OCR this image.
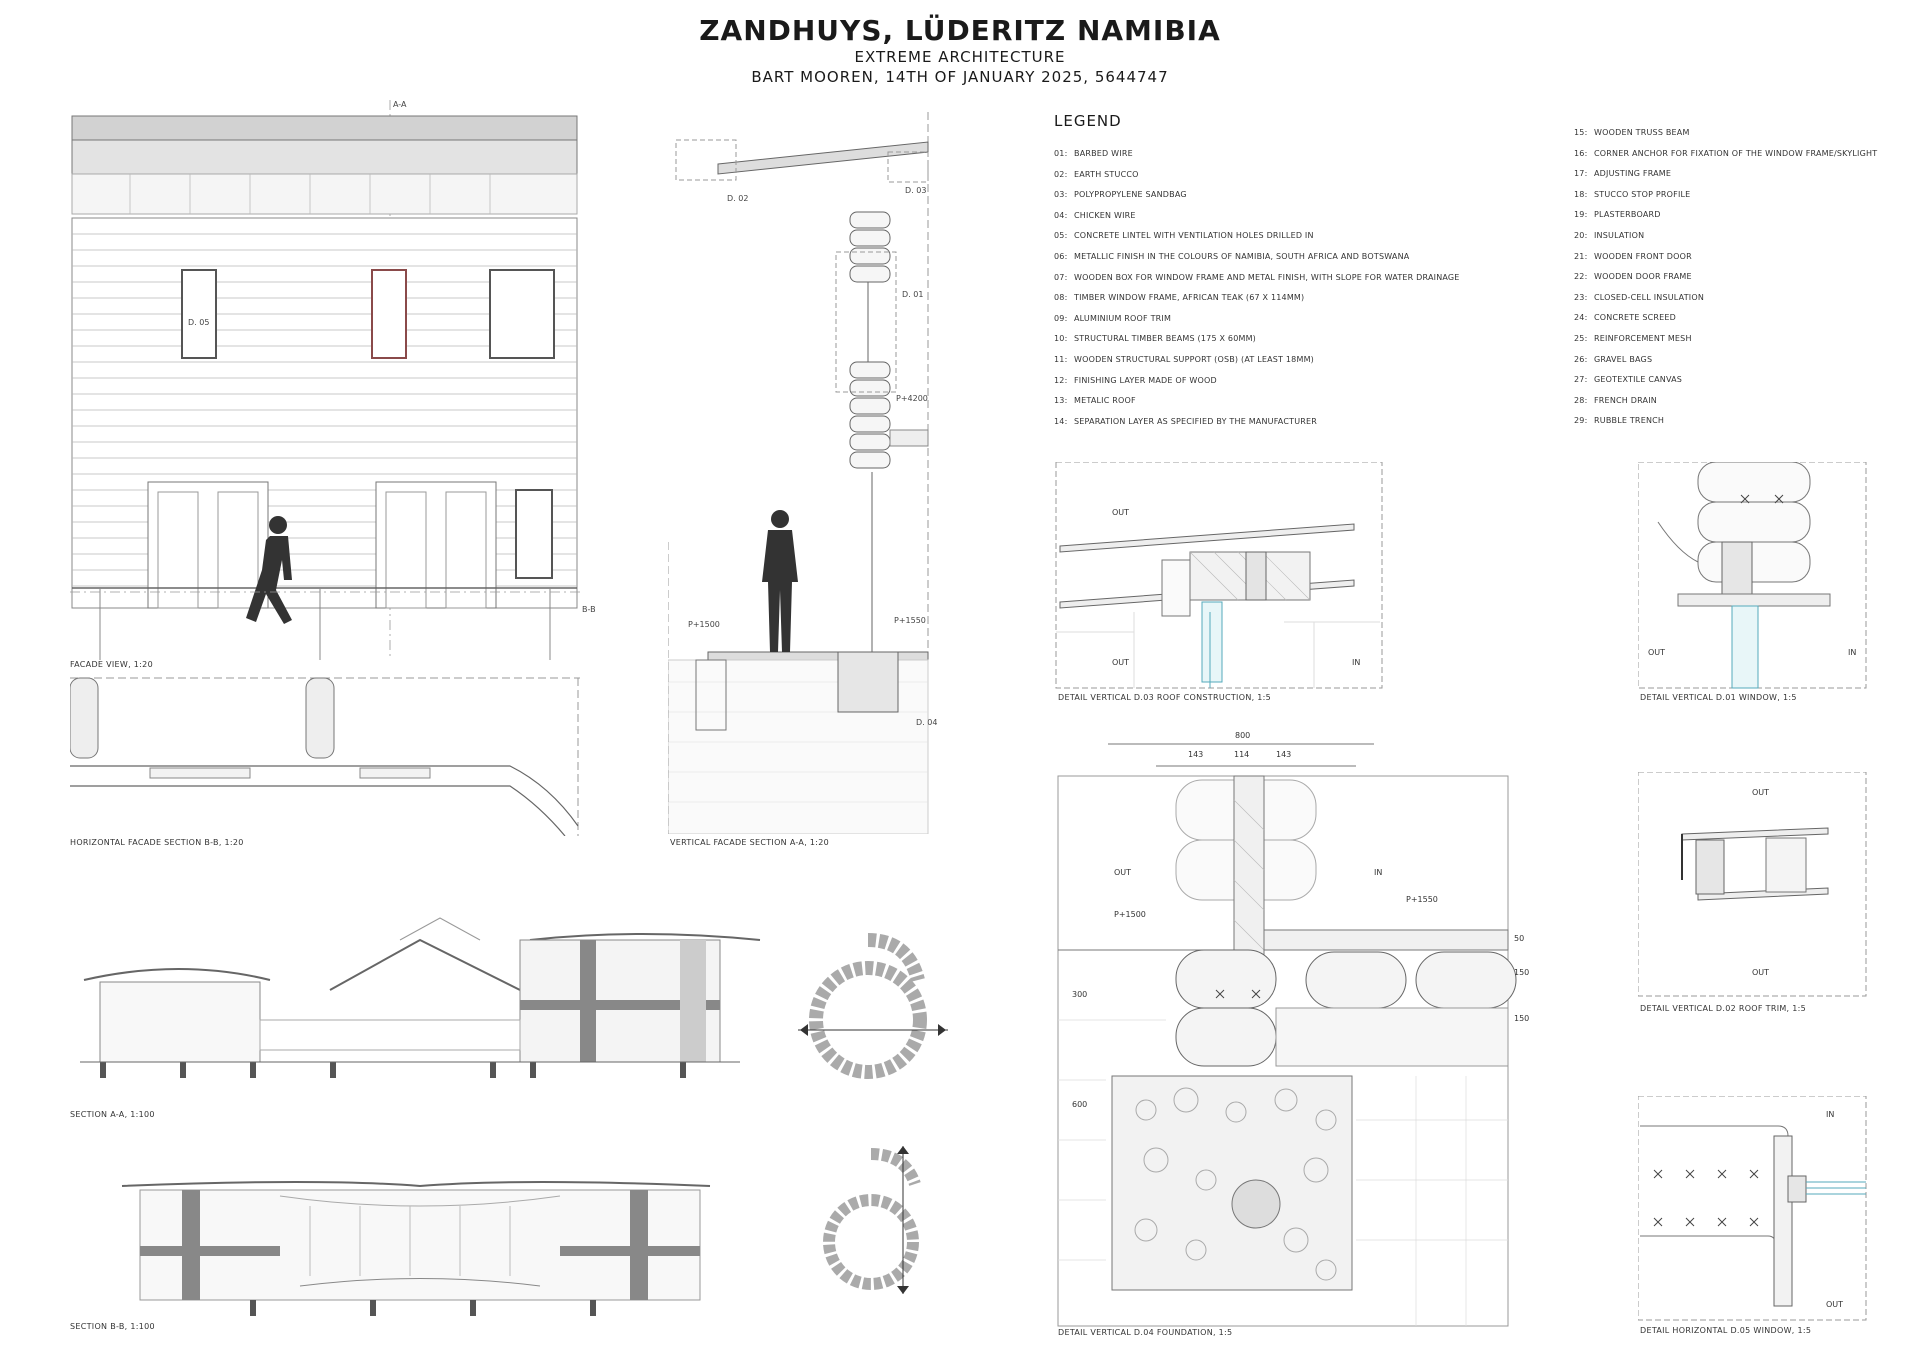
ZANDHUYS, LÜDERITZ NAMIBIA
EXTREME ARCHITECTURE
BART MOOREN, 14TH OF JANUARY 2025, 5644747
A-A
B-B
D. 05
FACADE VIEW, 1:20
HORIZONTAL FACADE SECTION B-B, 1:20
D. 02
D. 03
D. 01
P+4200
P+1500	P+1550
D. 04
VERTICAL FACADE SECTION A-A, 1:20
SECTION A-A, 1:100
SECTION B-B, 1:100
LEGEND
01: BARBED WIRE
02: EARTH STUCCO
03: POLYPROPYLENE SANDBAG
04: CHICKEN WIRE
05: CONCRETE LINTEL WITH VENTILATION HOLES DRILLED IN
06: METALLIC FINISH IN THE COLOURS OF NAMIBIA, SOUTH AFRICA AND BOTSWANA
07: WOODEN BOX FOR WINDOW FRAME AND METAL FINISH, WITH SLOPE FOR WATER DRAINAGE
08: TIMBER WINDOW FRAME, AFRICAN TEAK (67 X 114MM)
09: ALUMINIUM ROOF TRIM
10: STRUCTURAL TIMBER BEAMS (175 X 60MM)
11: WOODEN STRUCTURAL SUPPORT (OSB) (AT LEAST 18MM)
12: FINISHING LAYER MADE OF WOOD
13: METALIC ROOF
14: SEPARATION LAYER AS SPECIFIED BY THE MANUFACTURER
15: WOODEN TRUSS BEAM
16: CORNER ANCHOR FOR FIXATION OF THE WINDOW FRAME/SKYLIGHT
17: ADJUSTING FRAME
18: STUCCO STOP PROFILE
19: PLASTERBOARD
20: INSULATION
21: WOODEN FRONT DOOR
22: WOODEN DOOR FRAME
23: CLOSED-CELL INSULATION
24: CONCRETE SCREED
25: REINFORCEMENT MESH
26: GRAVEL BAGS
27: GEOTEXTILE CANVAS
28: FRENCH DRAIN
29: RUBBLE TRENCH
OUT
OUT	IN
DETAIL VERTICAL D.03 ROOF CONSTRUCTION, 1:5
OUT	IN
DETAIL VERTICAL D.01 WINDOW, 1:5
800
143	114	143
OUT	IN
P+1500
P+1550
300
600
50
150
150
DETAIL VERTICAL D.04 FOUNDATION, 1:5
OUT
OUT
DETAIL VERTICAL D.02 ROOF TRIM, 1:5
IN
OUT
DETAIL HORIZONTAL D.05 WINDOW, 1:5
